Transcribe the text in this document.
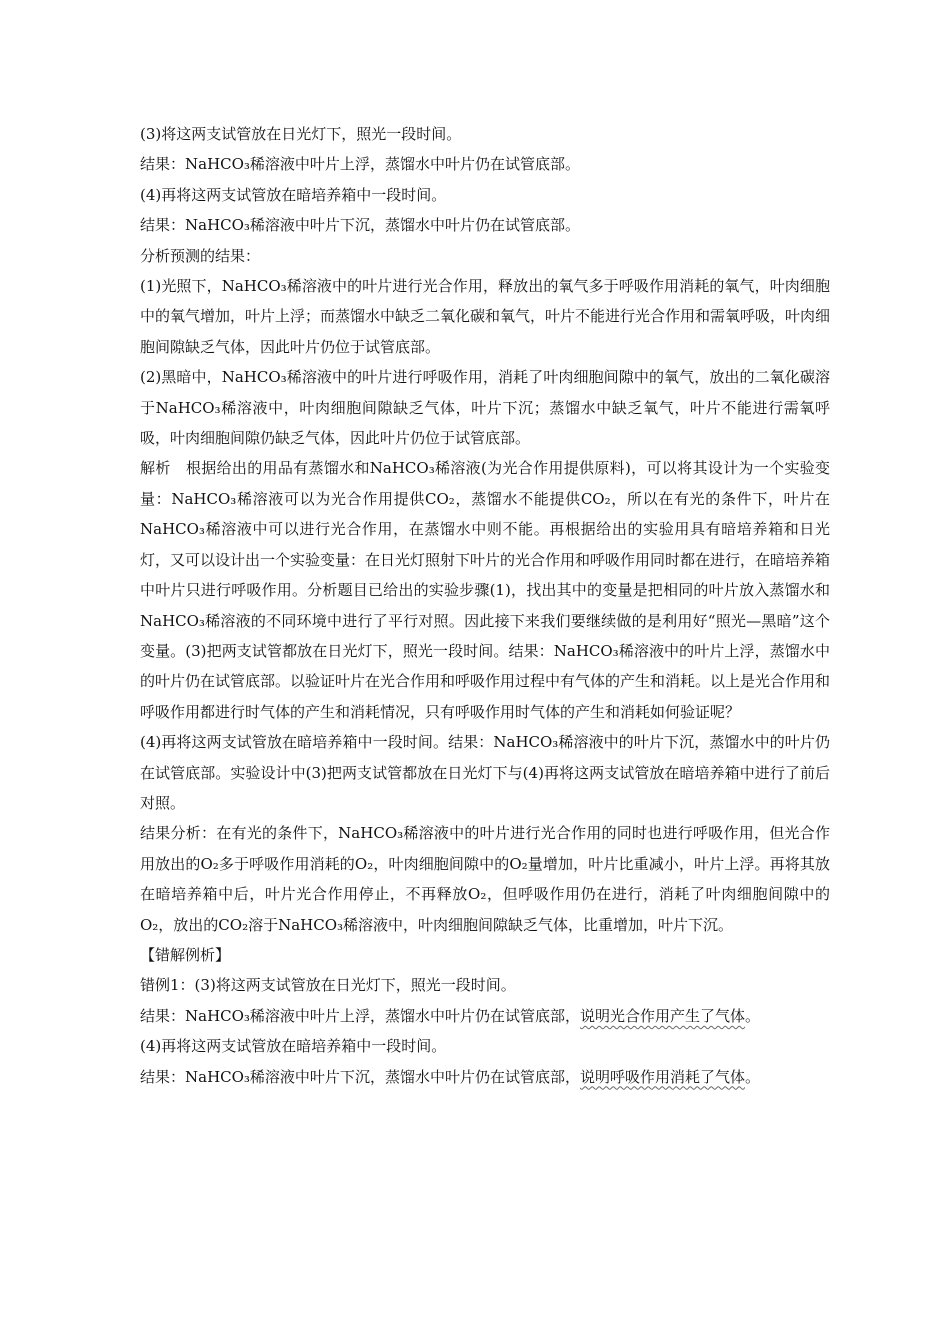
(3)将这两支试管放在日光灯下，照光一段时间。

结果：NaHCO₃稀溶液中叶片上浮，蒸馏水中叶片仍在试管底部。

(4)再将这两支试管放在暗培养箱中一段时间。

结果：NaHCO₃稀溶液中叶片下沉，蒸馏水中叶片仍在试管底部。

分析预测的结果：

(1)光照下，NaHCO₃稀溶液中的叶片进行光合作用，释放出的氧气多于呼吸作用消耗的氧气，叶肉细胞中的氧气增加，叶片上浮；而蒸馏水中缺乏二氧化碳和氧气，叶片不能进行光合作用和需氧呼吸，叶肉细胞间隙缺乏气体，因此叶片仍位于试管底部。

(2)黑暗中，NaHCO₃稀溶液中的叶片进行呼吸作用，消耗了叶肉细胞间隙中的氧气，放出的二氧化碳溶于NaHCO₃稀溶液中，叶肉细胞间隙缺乏气体，叶片下沉；蒸馏水中缺乏氧气，叶片不能进行需氧呼吸，叶肉细胞间隙仍缺乏气体，因此叶片仍位于试管底部。

解析　根据给出的用品有蒸馏水和NaHCO₃稀溶液(为光合作用提供原料)，可以将其设计为一个实验变量：NaHCO₃稀溶液可以为光合作用提供CO₂，蒸馏水不能提供CO₂，所以在有光的条件下，叶片在NaHCO₃稀溶液中可以进行光合作用，在蒸馏水中则不能。再根据给出的实验用具有暗培养箱和日光灯，又可以设计出一个实验变量：在日光灯照射下叶片的光合作用和呼吸作用同时都在进行，在暗培养箱中叶片只进行呼吸作用。分析题目已给出的实验步骤(1)，找出其中的变量是把相同的叶片放入蒸馏水和NaHCO₃稀溶液的不同环境中进行了平行对照。因此接下来我们要继续做的是利用好“照光—黑暗”这个变量。(3)把两支试管都放在日光灯下，照光一段时间。结果：NaHCO₃稀溶液中的叶片上浮，蒸馏水中的叶片仍在试管底部。以验证叶片在光合作用和呼吸作用过程中有气体的产生和消耗。以上是光合作用和呼吸作用都进行时气体的产生和消耗情况，只有呼吸作用时气体的产生和消耗如何验证呢？

(4)再将这两支试管放在暗培养箱中一段时间。结果：NaHCO₃稀溶液中的叶片下沉，蒸馏水中的叶片仍在试管底部。实验设计中(3)把两支试管都放在日光灯下与(4)再将这两支试管放在暗培养箱中进行了前后对照。

结果分析：在有光的条件下，NaHCO₃稀溶液中的叶片进行光合作用的同时也进行呼吸作用，但光合作用放出的O₂多于呼吸作用消耗的O₂，叶肉细胞间隙中的O₂量增加，叶片比重减小，叶片上浮。再将其放在暗培养箱中后，叶片光合作用停止，不再释放O₂，但呼吸作用仍在进行，消耗了叶肉细胞间隙中的O₂，放出的CO₂溶于NaHCO₃稀溶液中，叶肉细胞间隙缺乏气体，比重增加，叶片下沉。

【错解例析】

错例1：(3)将这两支试管放在日光灯下，照光一段时间。

结果：NaHCO₃稀溶液中叶片上浮，蒸馏水中叶片仍在试管底部，说明光合作用产生了气体。

(4)再将这两支试管放在暗培养箱中一段时间。

结果：NaHCO₃稀溶液中叶片下沉，蒸馏水中叶片仍在试管底部，说明呼吸作用消耗了气体。
